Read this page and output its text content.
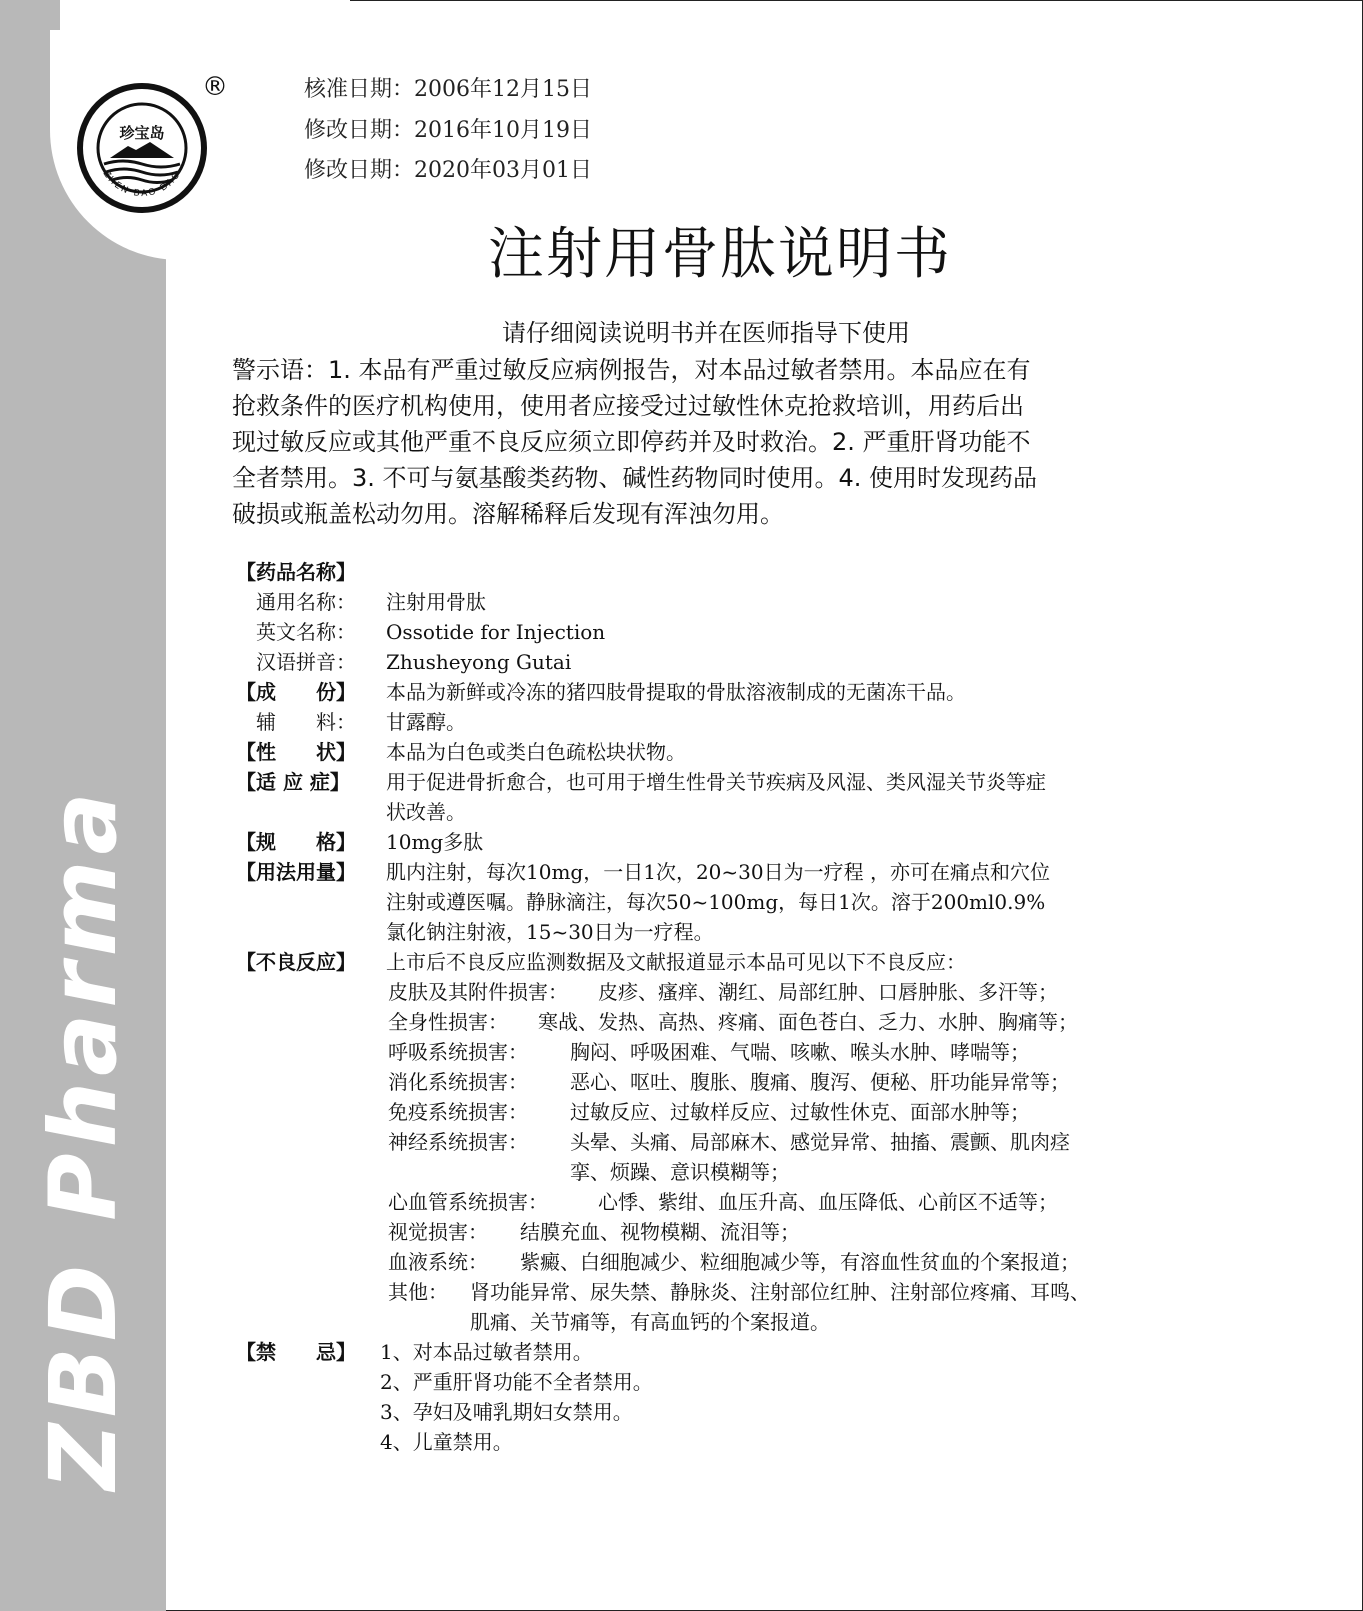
ZBD Pharma
珍宝岛
ZHEN BAO DAO
®	核准日期：2006年12月15日
修改日期：2016年10月19日
修改日期：2020年03月01日
注射用骨肽说明书
请仔细阅读说明书并在医师指导下使用
警示语：1. 本品有严重过敏反应病例报告，对本品过敏者禁用。本品应在有
抢救条件的医疗机构使用，使用者应接受过过敏性休克抢救培训，用药后出
现过敏反应或其他严重不良反应须立即停药并及时救治。2. 严重肝肾功能不
全者禁用。3. 不可与氨基酸类药物、碱性药物同时使用。4. 使用时发现药品
破损或瓶盖松动勿用。溶解稀释后发现有浑浊勿用。
【药品名称】
通用名称： 注射用骨肽
英文名称： Ossotide for Injection
汉语拼音： Zhusheyong Gutai
【成　　份】 本品为新鲜或冷冻的猪四肢骨提取的骨肽溶液制成的无菌冻干品。
辅　　料： 甘露醇。
【性　　状】 本品为白色或类白色疏松块状物。
【适 应 症】 用于促进骨折愈合，也可用于增生性骨关节疾病及风湿、类风湿关节炎等症
状改善。
【规　　格】 10mg多肽
【用法用量】 肌内注射，每次10mg，一日1次，20~30日为一疗程 ，亦可在痛点和穴位
注射或遵医嘱。静脉滴注，每次50~100mg，每日1次。溶于200ml0.9%
氯化钠注射液，15~30日为一疗程。
【不良反应】 上市后不良反应监测数据及文献报道显示本品可见以下不良反应：
皮肤及其附件损害： 皮疹、瘙痒、潮红、局部红肿、口唇肿胀、多汗等；
全身性损害： 寒战、发热、高热、疼痛、面色苍白、乏力、水肿、胸痛等；
呼吸系统损害： 胸闷、呼吸困难、气喘、咳嗽、喉头水肿、哮喘等；
消化系统损害： 恶心、呕吐、腹胀、腹痛、腹泻、便秘、肝功能异常等；
免疫系统损害： 过敏反应、过敏样反应、过敏性休克、面部水肿等；
神经系统损害： 头晕、头痛、局部麻木、感觉异常、抽搐、震颤、肌肉痉
挛、烦躁、意识模糊等；
心血管系统损害：	心悸、紫绀、血压升高、血压降低、心前区不适等；
视觉损害： 结膜充血、视物模糊、流泪等；
血液系统： 紫癜、白细胞减少、粒细胞减少等，有溶血性贫血的个案报道；
其他： 肾功能异常、尿失禁、静脉炎、注射部位红肿、注射部位疼痛、耳鸣、
肌痛、关节痛等，有高血钙的个案报道。
【禁　　忌】 1、对本品过敏者禁用。
2、严重肝肾功能不全者禁用。
3、孕妇及哺乳期妇女禁用。
4、儿童禁用。
